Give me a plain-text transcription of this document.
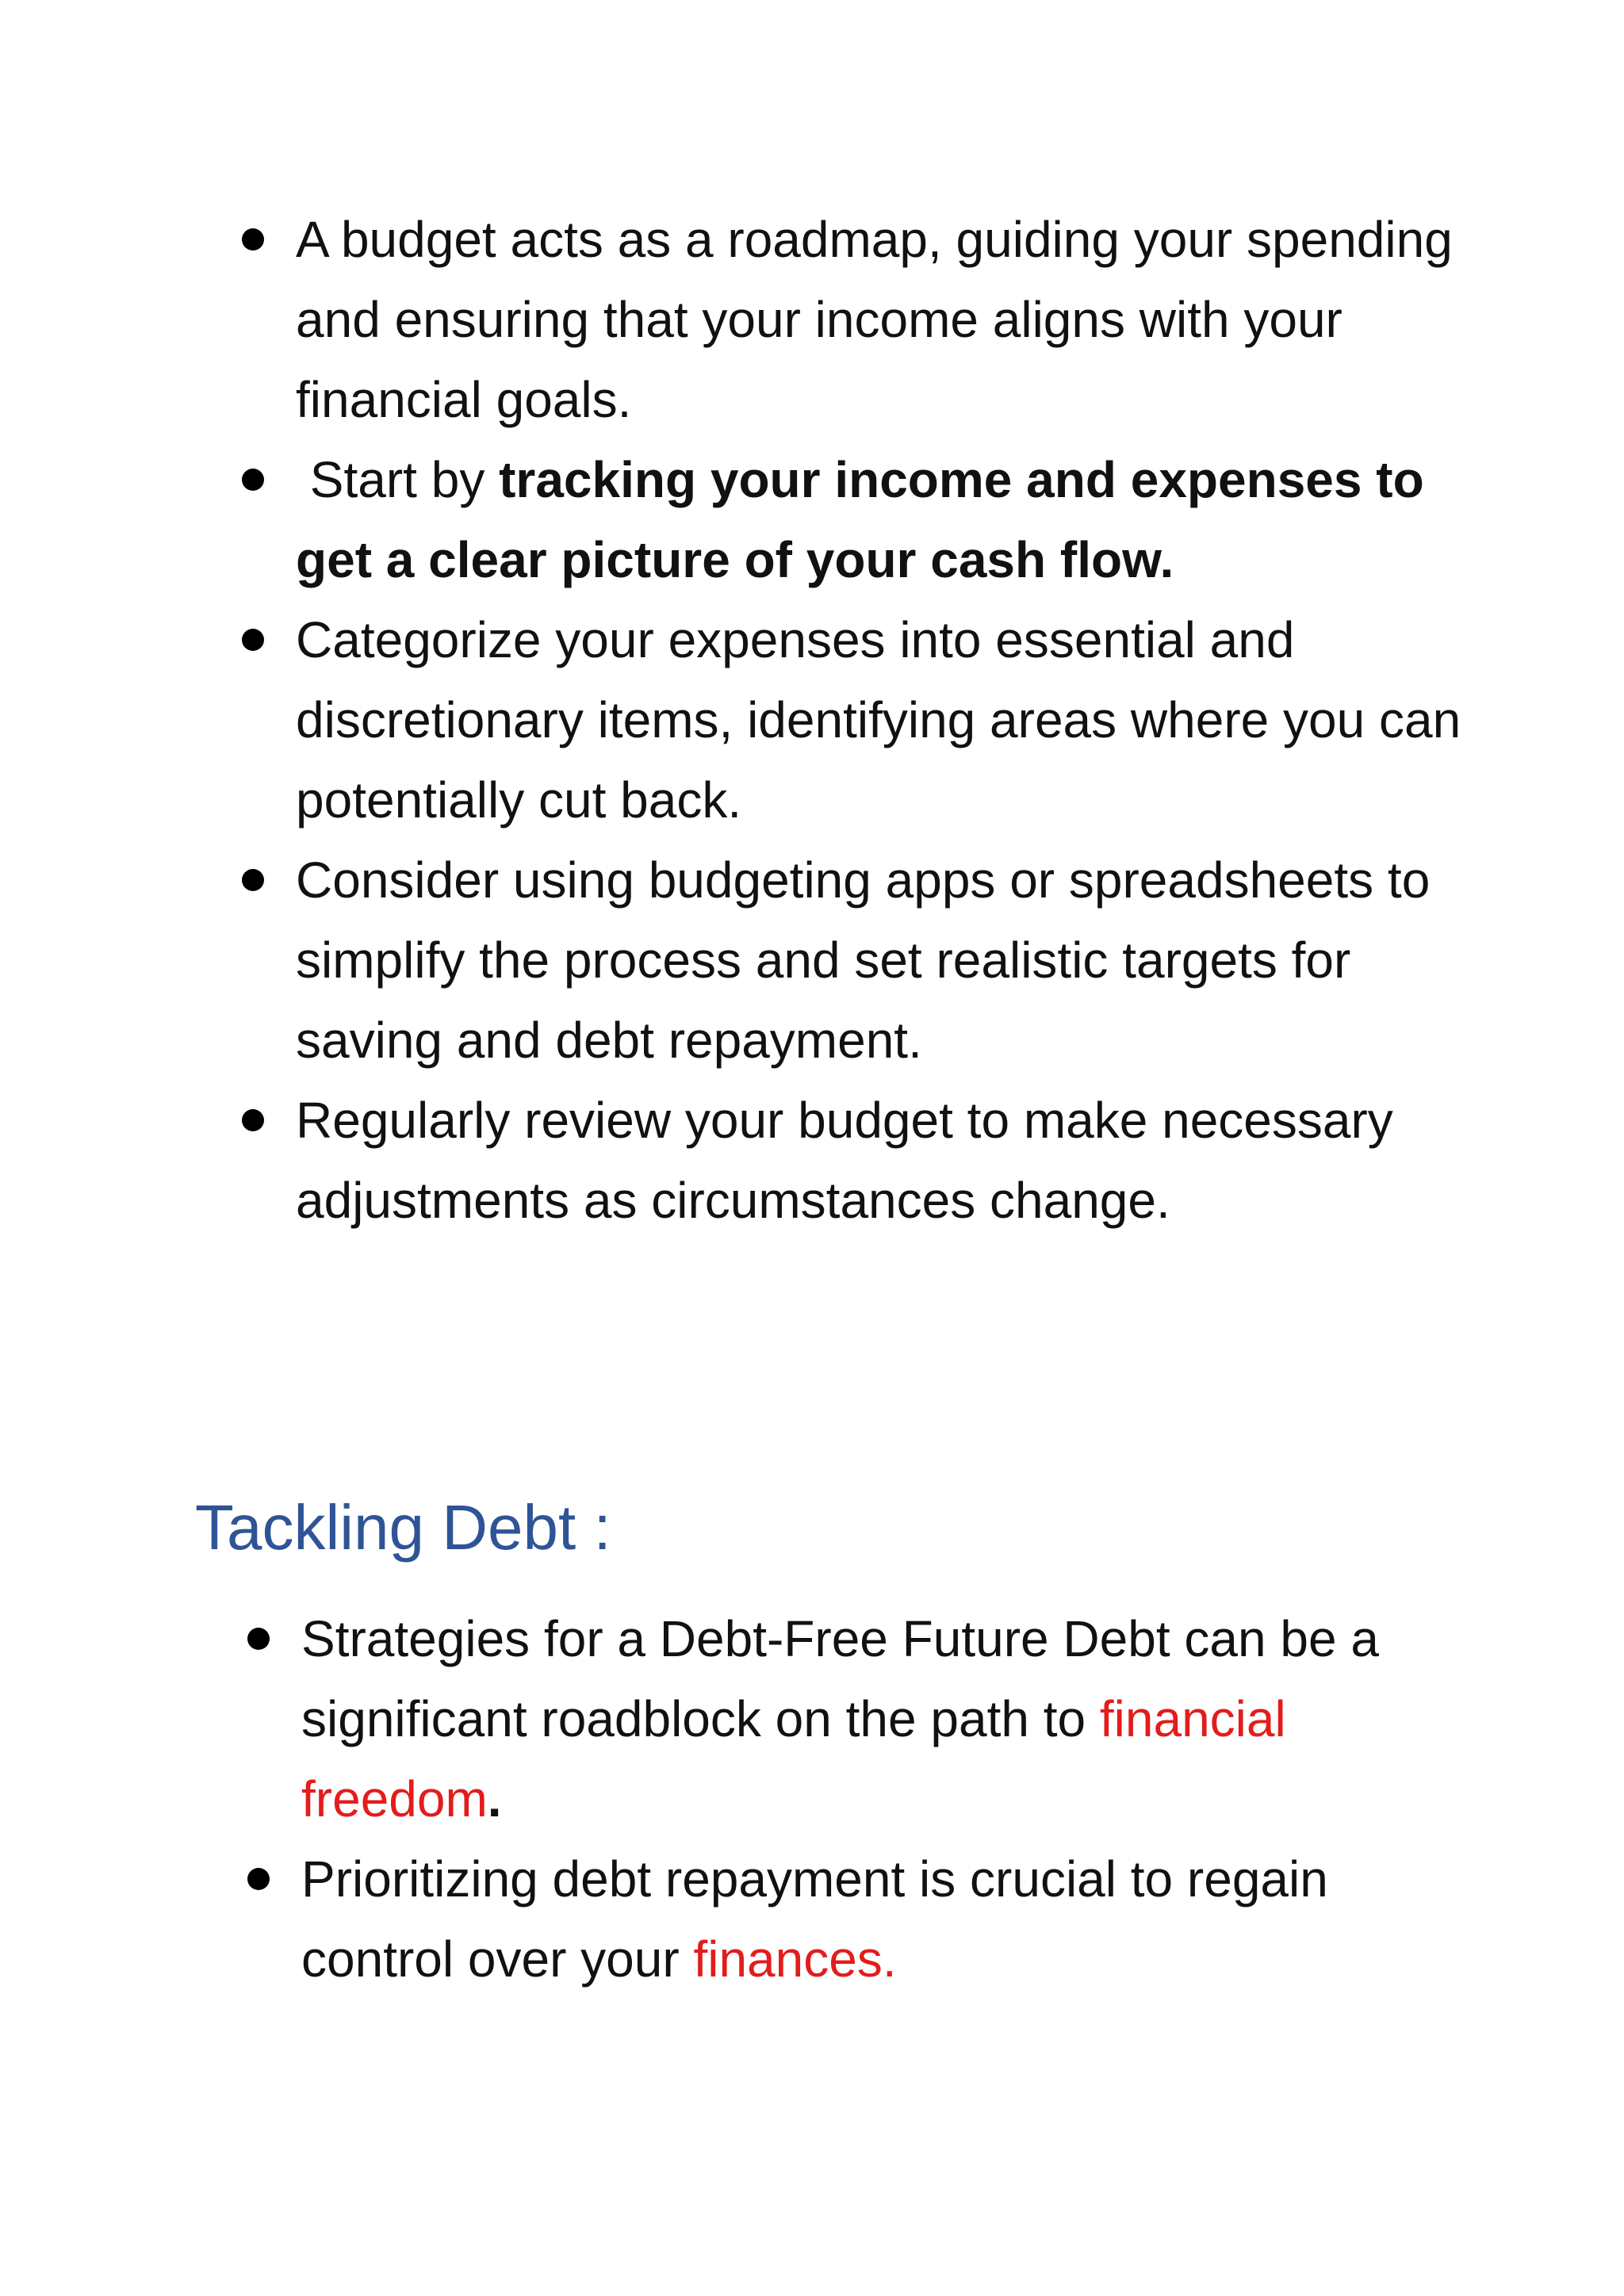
A budget acts as a roadmap, guiding your spending and ensuring that your income aligns with your financial goals.
Start by tracking your income and expenses to get a clear picture of your cash flow.
Categorize your expenses into essential and discretionary items, identifying areas where you can potentially cut back.
Consider using budgeting apps or spreadsheets to simplify the process and set realistic targets for saving and debt repayment.
Regularly review your budget to make necessary adjustments as circumstances change.
Tackling Debt :
Strategies for a Debt-Free Future Debt can be a significant roadblock on the path to financial freedom.
Prioritizing debt repayment is crucial to regain control over your finances.
